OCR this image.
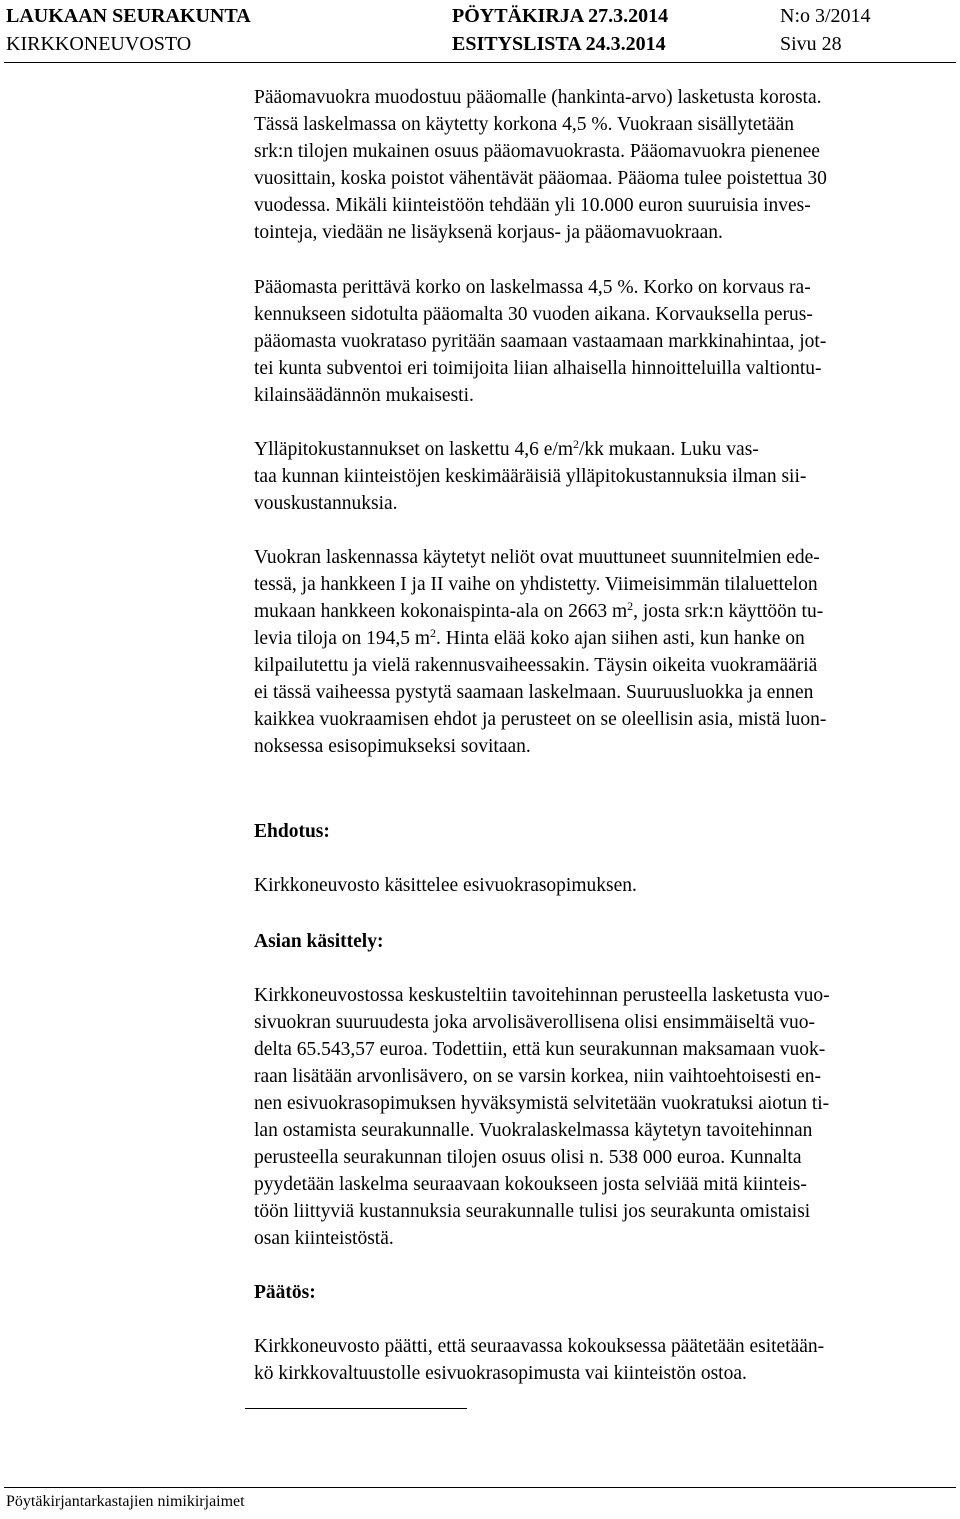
LAUKAAN SEURAKUNTA
KIRKKONEUVOSTO
PÖYTÄKIRJA 27.3.2014
ESITYSLISTA 24.3.2014
N:o 3/2014
Sivu 28
Pääomavuokra muodostuu pääomalle (hankinta-arvo) lasketusta korosta.
Tässä laskelmassa on käytetty korkona 4,5 %. Vuokraan sisällytetään
srk:n tilojen mukainen osuus pääomavuokrasta. Pääomavuokra pienenee
vuosittain, koska poistot vähentävät pääomaa. Pääoma tulee poistettua 30
vuodessa. Mikäli kiinteistöön tehdään yli 10.000 euron suuruisia inves-
tointeja, viedään ne lisäyksenä korjaus- ja pääomavuokraan.
Pääomasta perittävä korko on laskelmassa 4,5 %. Korko on korvaus ra-
kennukseen sidotulta pääomalta 30 vuoden aikana. Korvauksella perus-
pääomasta vuokrataso pyritään saamaan vastaamaan markkinahintaa, jot-
tei kunta subventoi eri toimijoita liian alhaisella hinnoitteluilla valtiontu-
kilainsäädännön mukaisesti.
Ylläpitokustannukset on laskettu 4,6 $e/m^2/kk$ mukaan. Luku vas-
taa kunnan kiinteistöjen keskimääräisiä ylläpitokustannuksia ilman sii-
vouskustannuksia.
Vuokran laskennassa käytetyt neliöt ovat muuttuneet suunnitelmien ede-
tessä, ja hankkeen I ja II vaihe on yhdistetty. Viimeisimmän tilaluettelon
mukaan hankkeen kokonaispinta-ala on 2663 $m^2$, josta srk:n käyttöön tu-
levia tiloja on 194,5 $m^2$. Hinta elää koko ajan siihen asti, kun hanke on
kilpailutettu ja vielä rakennusvaiheessakin. Täysin oikeita vuokramääriä
ei tässä vaiheessa pystytä saamaan laskelmaan. Suuruusluokka ja ennen
kaikkea vuokraamisen ehdot ja perusteet on se oleellisin asia, mistä luon-
noksessa esisopimukseksi sovitaan.
Ehdotus:
Kirkkoneuvosto käsittelee esivuokrasopimuksen.
Asian käsittely:
Kirkkoneuvostossa keskusteltiin tavoitehinnan perusteella lasketusta vuo-
sivuokran suuruudesta joka arvolisäverollisena olisi ensimmäiseltä vuo-
delta 65.543,57 euroa. Todettiin, että kun seurakunnan maksamaan vuok-
raan lisätään arvonlisävero, on se varsin korkea, niin vaihtoehtoisesti en-
nen esivuokrasopimuksen hyväksymistä selvitetään vuokratuksi aiotun ti-
lan ostamista seurakunnalle. Vuokralaskelmassa käytetyn tavoitehinnan
perusteella seurakunnan tilojen osuus olisi n. 538 000 euroa. Kunnalta
pyydetään laskelma seuraavaan kokoukseen josta selviää mitä kiinteis-
töön liittyviä kustannuksia seurakunnalle tulisi jos seurakunta omistaisi
osan kiinteistöstä.
Päätös:
Kirkkoneuvosto päätti, että seuraavassa kokouksessa päätetään esitetään-
kö kirkkovaltuustolle esivuokrasopimusta vai kiinteistön ostoa.
Pöytäkirjantarkastajien nimikirjaimet
